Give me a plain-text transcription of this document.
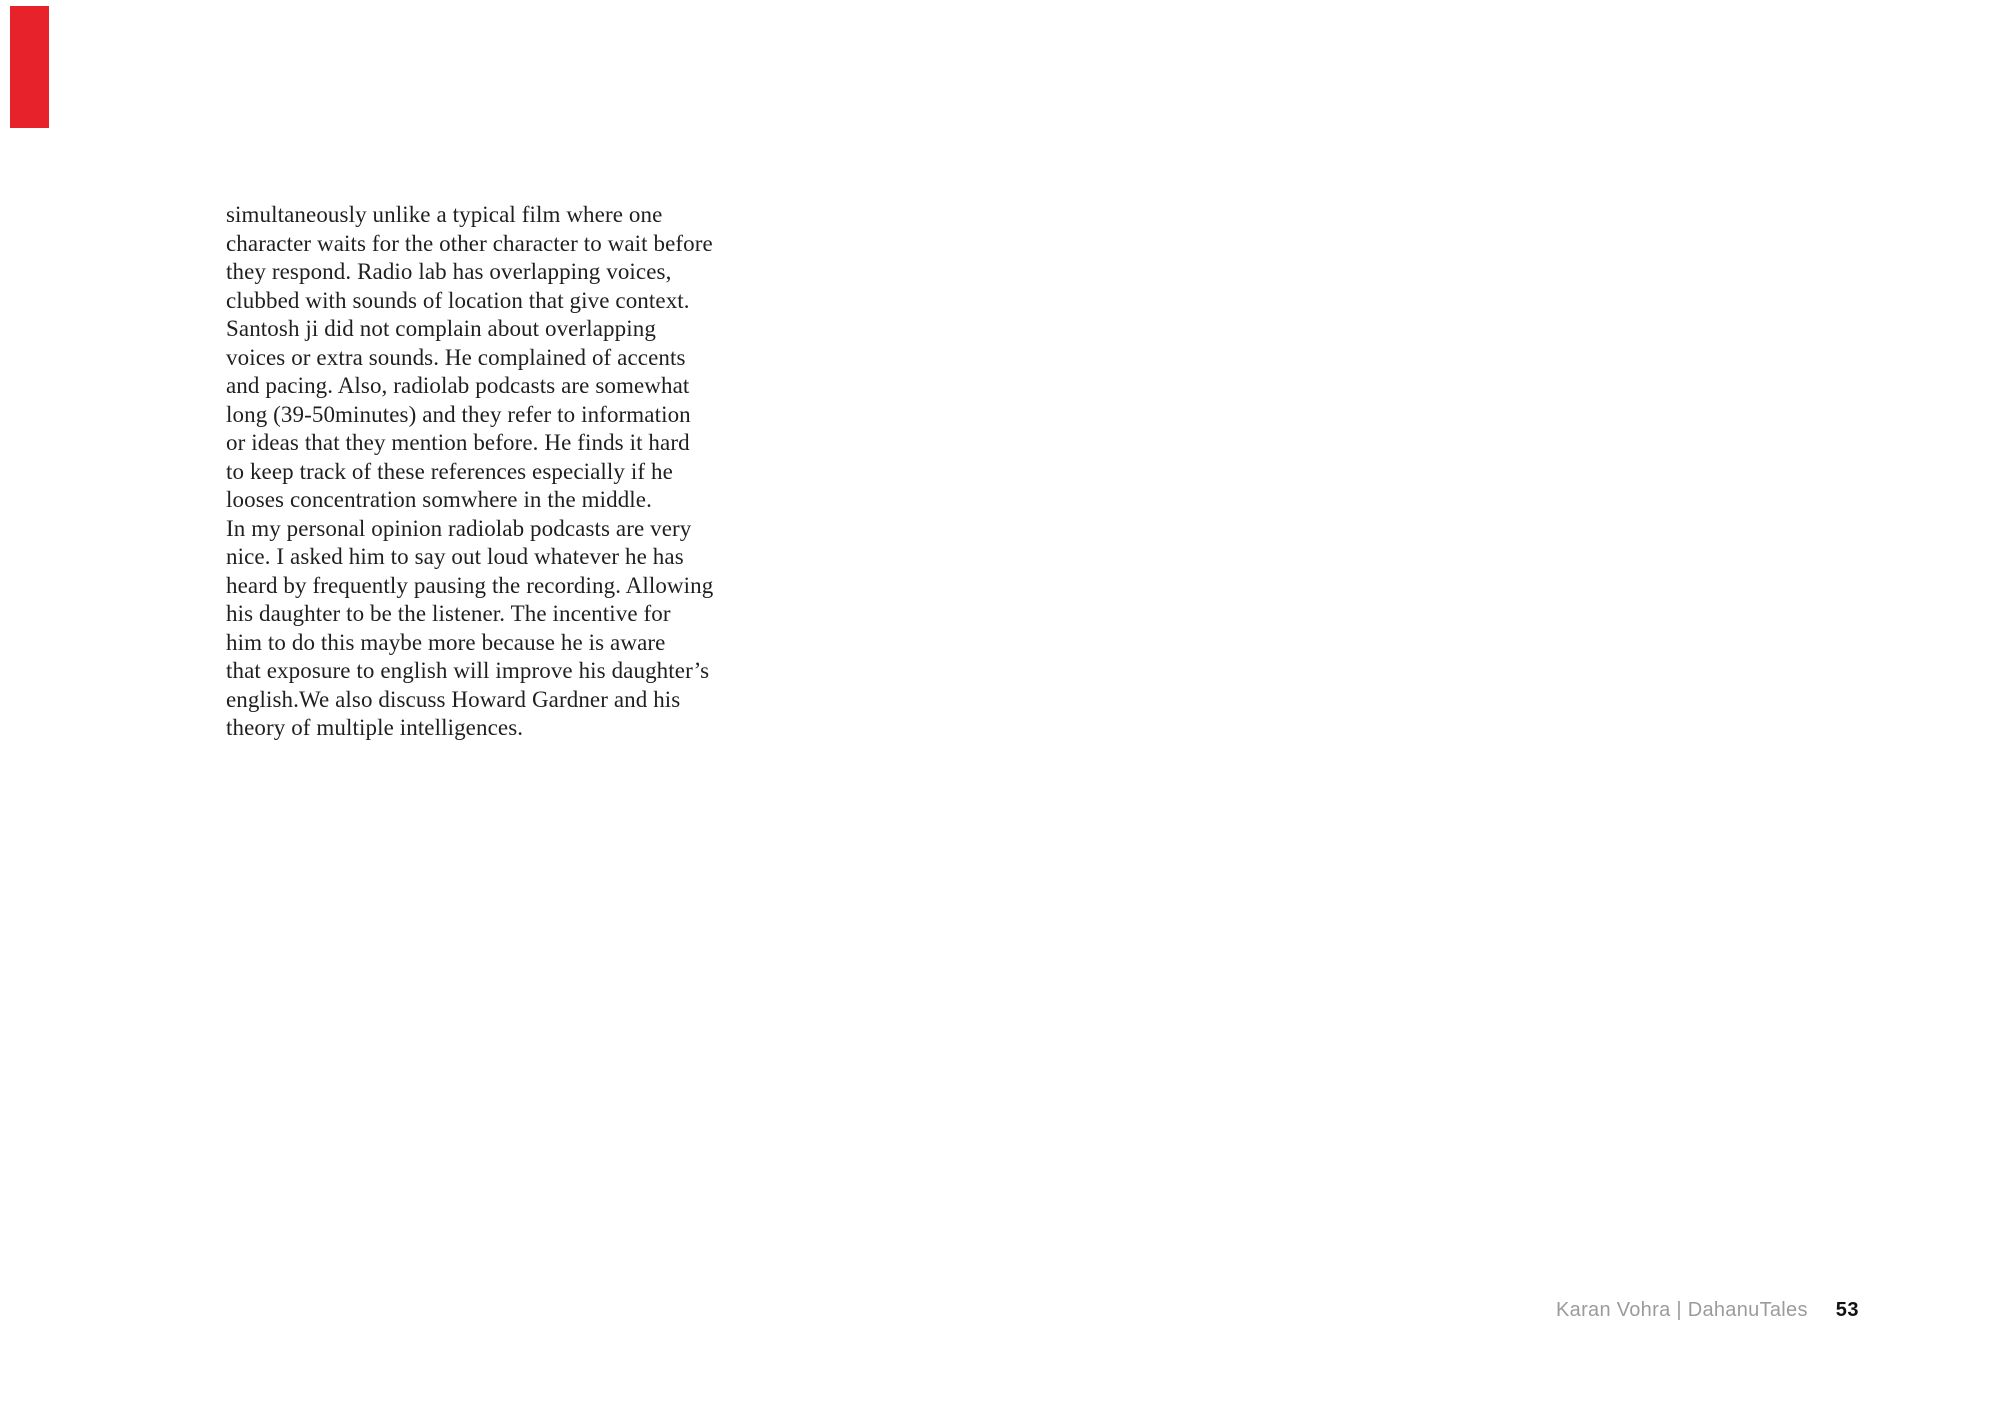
simultaneously unlike a typical film where one
character waits for the other character to wait before
they respond. Radio lab has overlapping voices,
clubbed with sounds of location that give context.
Santosh ji did not complain about overlapping
voices or extra sounds. He complained of accents
and pacing. Also, radiolab podcasts are somewhat
long (39-50minutes) and they refer to information
or ideas that they mention before. He finds it hard
to keep track of these references especially if he
looses concentration somwhere in the middle.
In my personal opinion radiolab podcasts are very
nice. I asked him to say out loud whatever he has
heard by frequently pausing the recording. Allowing
his daughter to be the listener. The incentive for
him to do this maybe more because he is aware
that exposure to english will improve his daughter’s
english.We also discuss Howard Gardner and his
theory of multiple intelligences.
Karan Vohra | DahanuTales 53
